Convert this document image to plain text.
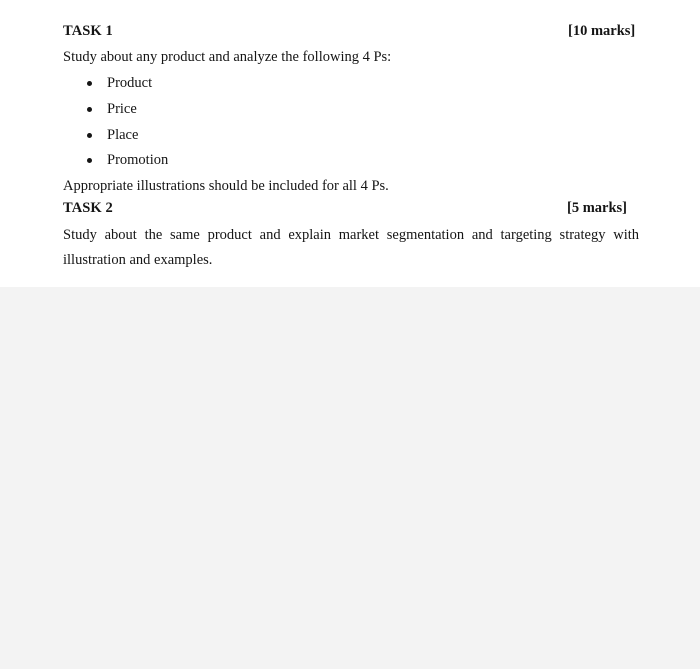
TASK 1	[10 marks]
Study about any product and analyze the following 4 Ps:
Product
Price
Place
Promotion
Appropriate illustrations should be included for all 4 Ps.
TASK 2	[5 marks]
Study about the same product and explain market segmentation and targeting strategy with
illustration and examples.
